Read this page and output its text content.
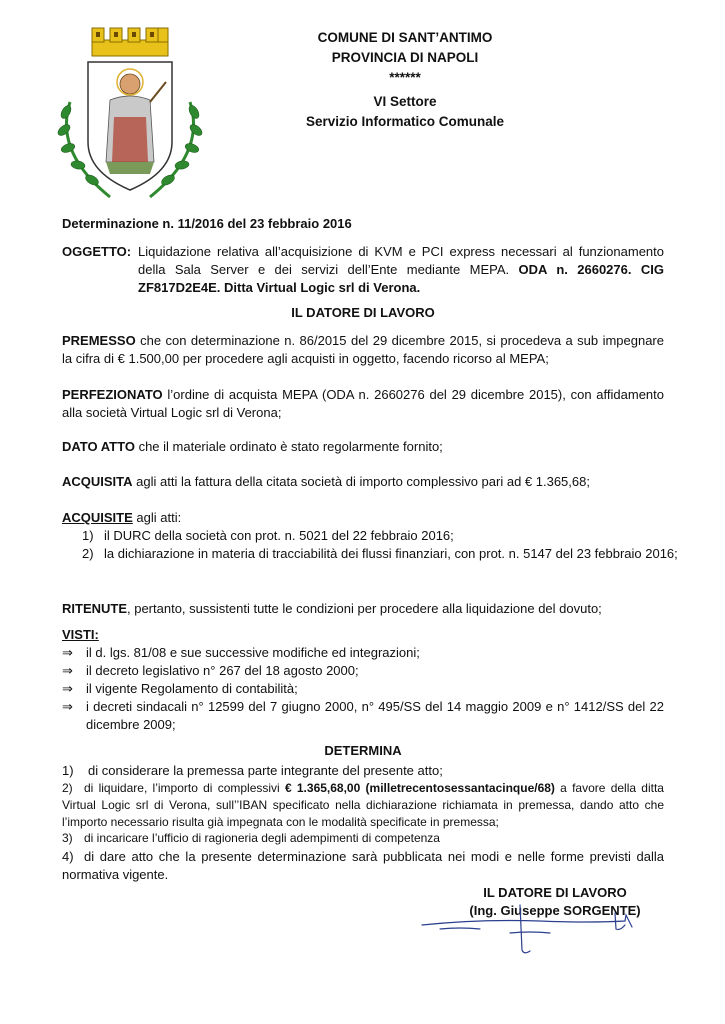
COMUNE DI SANT’ANTIMO
PROVINCIA DI NAPOLI
******
VI Settore
Servizio Informatico Comunale
Determinazione n. 11/2016 del 23 febbraio 2016
OGGETTO: Liquidazione relativa all’acquisizione di KVM e PCI express necessari al funzionamento della Sala Server e dei servizi dell’Ente mediante MEPA. ODA n. 2660276. CIG ZF817D2E4E. Ditta Virtual Logic srl di Verona.
IL DATORE DI LAVORO
PREMESSO che con determinazione n. 86/2015 del 29 dicembre 2015, si procedeva a sub impegnare la cifra di € 1.500,00 per procedere agli acquisti in oggetto, facendo ricorso al MEPA;
PERFEZIONATO l’ordine di acquista MEPA (ODA n. 2660276 del 29 dicembre 2015), con affidamento alla società Virtual Logic srl di Verona;
DATO ATTO che il materiale ordinato è stato regolarmente fornito;
ACQUISITA agli atti la fattura della citata società di importo complessivo pari ad € 1.365,68;
ACQUISITE agli atti:
1) il DURC della società con prot. n. 5021 del 22 febbraio 2016;
2) la dichiarazione in materia di tracciabilità dei flussi finanziari, con prot. n. 5147 del 23 febbraio 2016;
RITENUTE, pertanto, sussistenti tutte le condizioni per procedere alla liquidazione del dovuto;
VISTI:
⇒ il d. lgs. 81/08 e sue successive modifiche ed integrazioni;
⇒ il decreto legislativo n° 267 del 18 agosto 2000;
⇒ il vigente Regolamento di contabilità;
⇒ i decreti sindacali n° 12599 del 7 giugno 2000, n° 495/SS del 14 maggio 2009 e n° 1412/SS del 22 dicembre 2009;
DETERMINA
1) di considerare la premessa parte integrante del presente atto;
2) di liquidare, l’importo di complessivi € 1.365,68,00 (milletrecentosessantacinque/68) a favore della ditta Virtual Logic srl di Verona, sull’’IBAN specificato nella dichiarazione richiamata in premessa, dando atto che l’importo necessario risulta già impegnata con le modalità specificate in premessa;
3) di incaricare l’ufficio di ragioneria degli adempimenti di competenza
4) di dare atto che la presente determinazione sarà pubblicata nei modi e nelle forme previsti dalla normativa vigente.
IL DATORE DI LAVORO
(Ing. Giuseppe SORGENTE)
